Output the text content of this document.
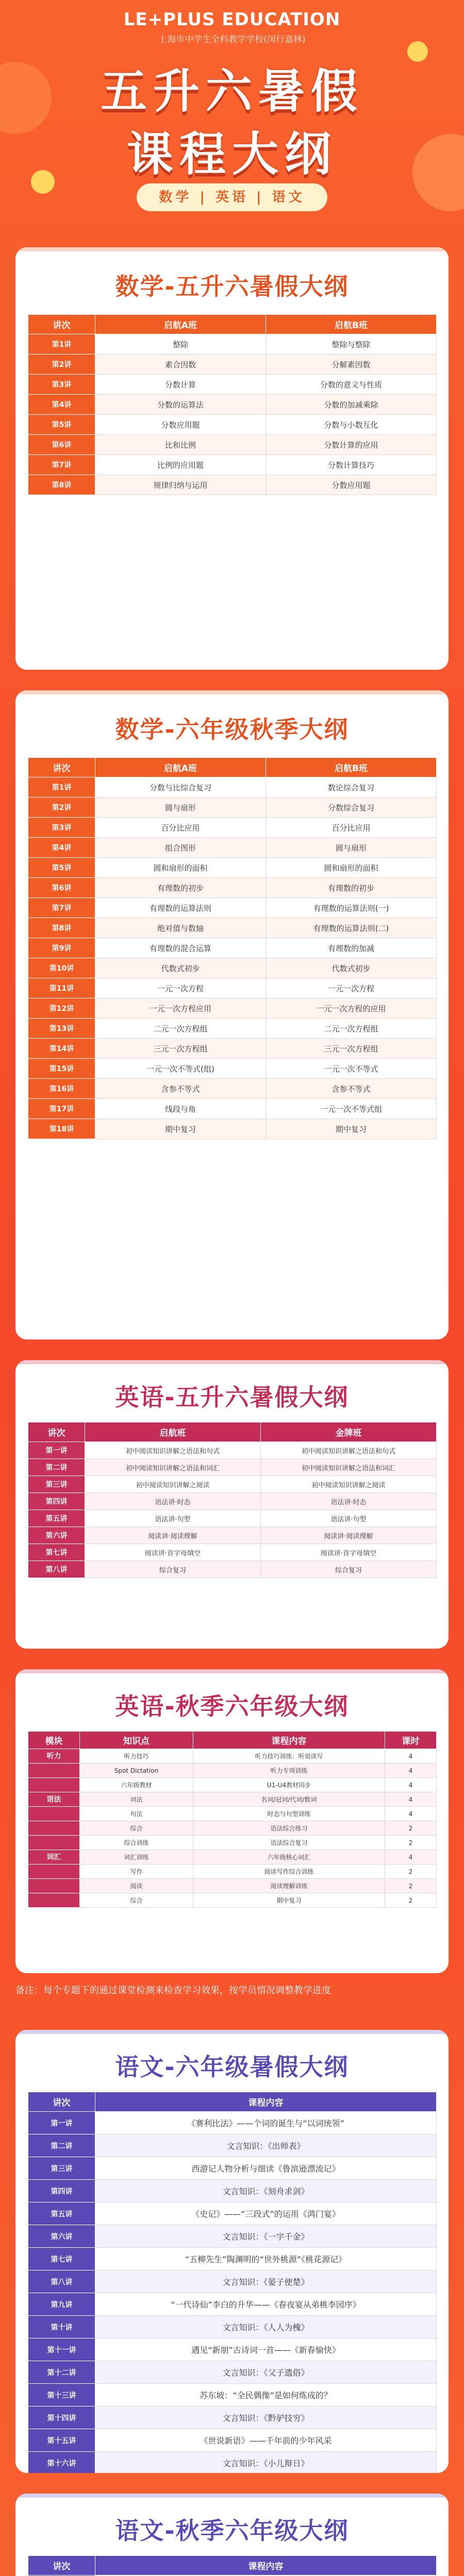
LE+PLUS EDUCATION
上海市中学生全科教学学校(闵行嘉林)
五升六暑假
课程大纲
数学 | 英语 | 语文
数学-五升六暑假大纲
讲次	启航A班	启航B班
第1讲	整除	整除与整除
第2讲	素合因数	分解素因数
第3讲	分数计算	分数的意义与性质
第4讲	分数的运算法	分数的加减乘除
第5讲	分数应用题	分数与小数互化
第6讲	比和比例	分数计算的应用
第7讲	比例的应用题	分数计算技巧
第8讲	规律归纳与运用	分数应用题
数学-六年级秋季大纲
讲次	启航A班	启航B班
第1讲	分数与比综合复习	数论综合复习
第2讲	圆与扇形	分数综合复习
第3讲	百分比应用	百分比应用
第4讲	组合图形	圆与扇形
第5讲	圆和扇形的面积	圆和扇形的面积
第6讲	有理数的初步	有理数的初步
第7讲	有理数的运算法则	有理数的运算法则(一)
第8讲	绝对值与数轴	有理数的运算法则(二)
第9讲	有理数的混合运算	有理数的加减
第10讲	代数式初步	代数式初步
第11讲	一元一次方程	一元一次方程
第12讲	一元一次方程应用	一元一次方程的应用
第13讲	二元一次方程组	二元一次方程组
第14讲	三元一次方程组	三元一次方程组
第15讲	一元一次不等式(组)	一元一次不等式
第16讲	含参不等式	含参不等式
第17讲	线段与角	一元一次不等式组
第18讲	期中复习	期中复习
英语-五升六暑假大纲
讲次	启航班	金牌班
第一讲	初中阅读知识讲解之语法和句式	初中阅读知识讲解之语法和句式
第二讲	初中阅读知识讲解之语法和词汇	初中阅读知识讲解之语法和词汇
第三讲	初中阅读知识讲解之阅读	初中阅读知识讲解之阅读
第四讲	语法讲·时态	语法讲·时态
第五讲	语法讲·句型	语法讲·句型
第六讲	阅读讲·阅读理解	阅读讲·阅读理解
第七讲	阅读讲·首字母填空	阅读讲·首字母填空
第八讲	综合复习	综合复习
英语-秋季六年级大纲
模块	知识点	课程内容	课时
听力	听力技巧	听力技巧训练：听说读写	4
	Spot Dictation	听力专项训练	4
	六年级教材	U1-U4教材同步	4
语法	词法	名词/冠词/代词/数词	4
	句法	时态与句型训练	4
	综合	语法综合练习	2
	综合训练	语法综合复习	2
词汇	词汇训练	六年级核心词汇	4
	写作	阅读写作综合训练	2
	阅读	阅读理解训练	2
	综合	期中复习	2
备注：每个专题下的通过课堂检测来检查学习效果，按学员情况调整教学进度
语文-六年级暑假大纲
讲次	课程内容
第一讲	《赛利比法》——个词的诞生与“以词统领”
第二讲	文言知识：《出师表》
第三讲	西游记人物分析与细读《鲁滨逊漂流记》
第四讲	文言知识：《刻舟求剑》
第五讲	《史记》——“三段式”的运用《鸿门宴》
第六讲	文言知识：《一字千金》
第七讲	“五柳先生”陶渊明的“世外桃源”《桃花源记》
第八讲	文言知识：《晏子使楚》
第九讲	“一代诗仙”李白的升华——《春夜宴从弟桃李园序》
第十讲	文言知识：《人人为槐》
第十一讲	遇见“新朋”古诗词一首——《新春愉快》
第十二讲	文言知识：《父子遗俗》
第十三讲	苏东坡：“全民偶像”是如何炼成的？
第十四讲	文言知识：《黔驴技穷》
第十五讲	《世说新语》——千年前的少年风采
第十六讲	文言知识：《小儿辩日》
语文-秋季六年级大纲
讲次	课程内容
